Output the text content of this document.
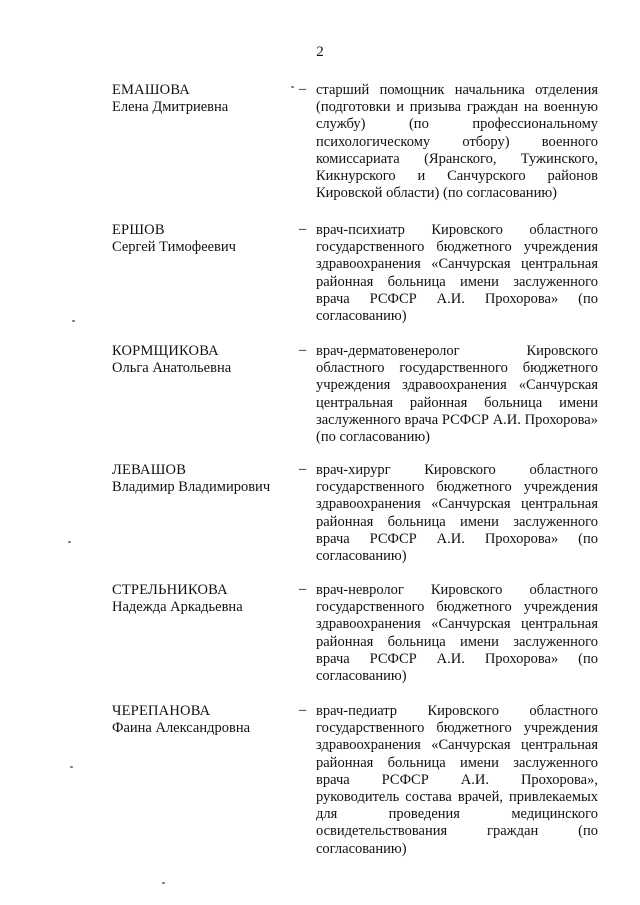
2
ЕМАШОВА
Елена Дмитриевна
– старший помощник начальника отделения (подготовки и призыва граждан на военную службу) (по профессиональному психологическому отбору) военного комиссариата (Яранского, Тужинского, Кикнурского и Санчурского районов Кировской области) (по согласованию)

ЕРШОВ
Сергей Тимофеевич
– врач-психиатр Кировского областного государственного бюджетного учреждения здравоохранения «Санчурская центральная районная больница имени заслуженного врача РСФСР А.И. Прохорова» (по согласованию)

КОРМЩИКОВА
Ольга Анатольевна
– врач-дерматовенеролог Кировского областного государственного бюджетного учреждения здравоохранения «Санчурская центральная районная больница имени заслуженного врача РСФСР А.И. Прохорова» (по согласованию)

ЛЕВАШОВ
Владимир Владимирович
– врач-хирург Кировского областного государственного бюджетного учреждения здравоохранения «Санчурская центральная районная больница имени заслуженного врача РСФСР А.И. Прохорова» (по согласованию)

СТРЕЛЬНИКОВА
Надежда Аркадьевна
– врач-невролог Кировского областного государственного бюджетного учреждения здравоохранения «Санчурская центральная районная больница имени заслуженного врача РСФСР А.И. Прохорова» (по согласованию)

ЧЕРЕПАНОВА
Фаина Александровна
– врач-педиатр Кировского областного государственного бюджетного учреждения здравоохранения «Санчурская центральная районная больница имени заслуженного врача РСФСР А.И. Прохорова», руководитель состава врачей, привлекаемых для проведения медицинского освидетельствования граждан (по согласованию)
